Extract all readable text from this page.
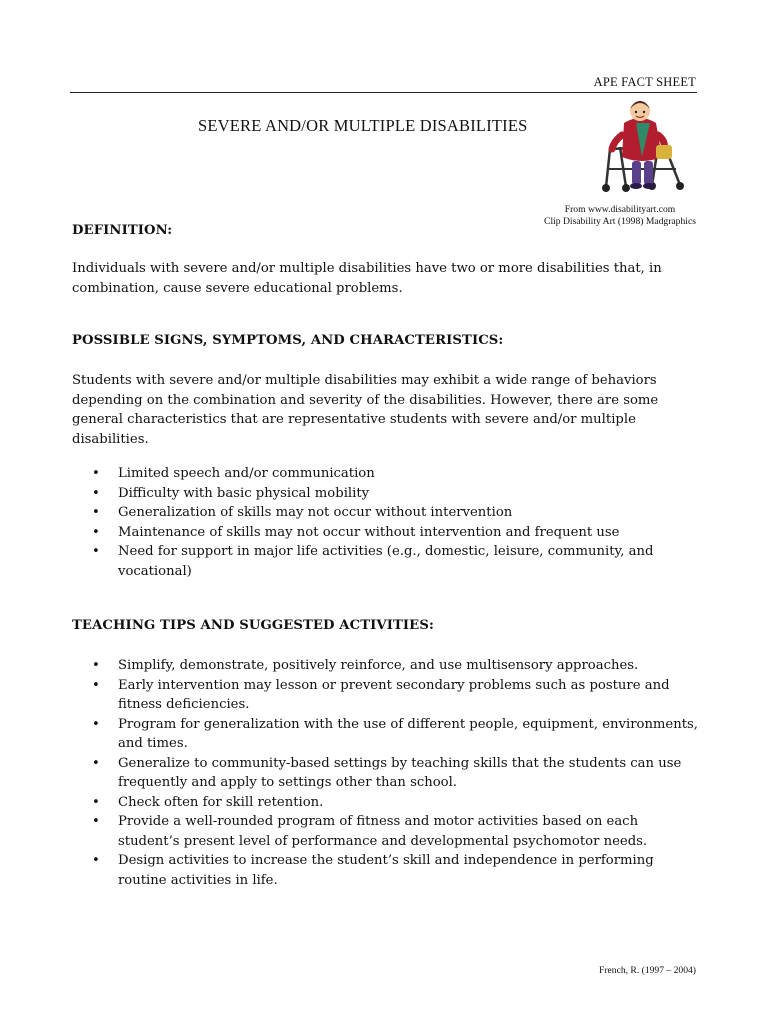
APE FACT SHEET
SEVERE AND/OR MULTIPLE DISABILITIES
From www.disabilityart.com
Clip Disability Art (1998) Madgraphics
DEFINITION:

Individuals with severe and/or multiple disabilities have two or more disabilities that, in combination, cause severe educational problems.

POSSIBLE SIGNS, SYMPTOMS, AND CHARACTERISTICS:

Students with severe and/or multiple disabilities may exhibit a wide range of behaviors depending on the combination and severity of the disabilities. However, there are some general characteristics that are representative students with severe and/or multiple disabilities.

• Limited speech and/or communication
• Difficulty with basic physical mobility
• Generalization of skills may not occur without intervention
• Maintenance of skills may not occur without intervention and frequent use
• Need for support in major life activities (e.g., domestic, leisure, community, and vocational)
TEACHING TIPS AND SUGGESTED ACTIVITIES:
• Simplify, demonstrate, positively reinforce, and use multisensory approaches.
• Early intervention may lesson or prevent secondary problems such as posture and fitness deficiencies.
• Program for generalization with the use of different people, equipment, environments, and times.
• Generalize to community-based settings by teaching skills that the students can use frequently and apply to settings other than school.
• Check often for skill retention.
• Provide a well-rounded program of fitness and motor activities based on each student’s present level of performance and developmental psychomotor needs.
• Design activities to increase the student’s skill and independence in performing routine activities in life.
French, R. (1997 – 2004)
